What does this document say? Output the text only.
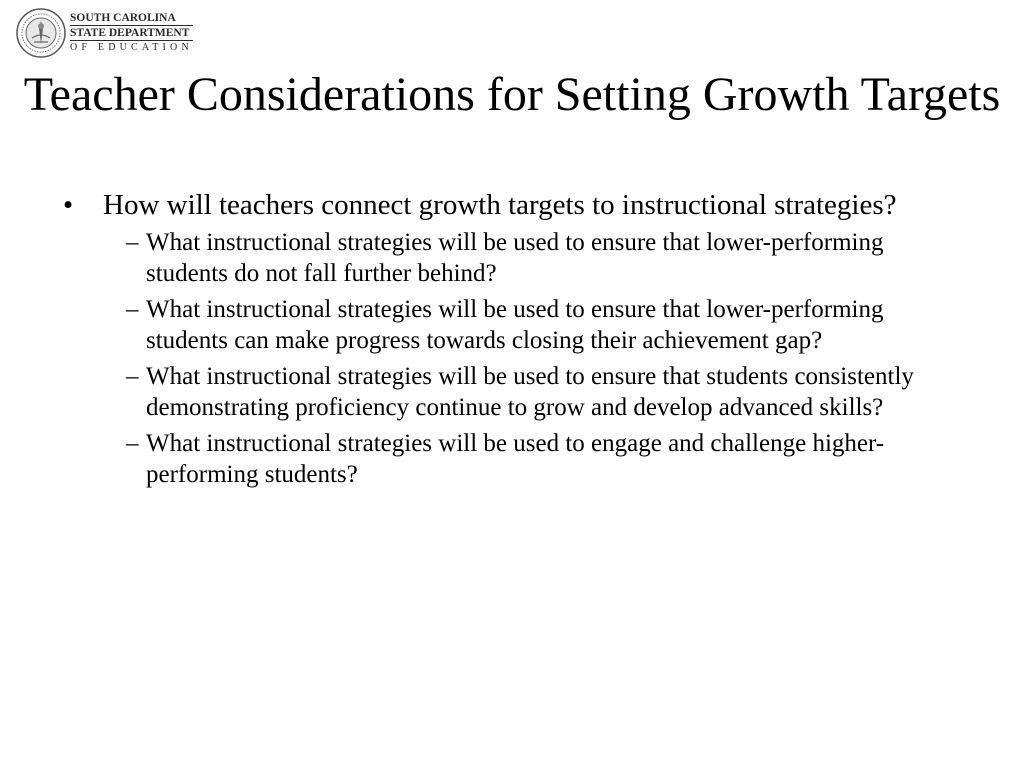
SOUTH CAROLINA
STATE DEPARTMENT
OF EDUCATION
Teacher Considerations for Setting Growth Targets
•	How will teachers connect growth targets to instructional strategies?
– What instructional strategies will be used to ensure that lower-performing students do not fall further behind?
– What instructional strategies will be used to ensure that lower-performing students can make progress towards closing their achievement gap?
– What instructional strategies will be used to ensure that students consistently demonstrating proficiency continue to grow and develop advanced skills?
– What instructional strategies will be used to engage and challenge higher-performing students?
